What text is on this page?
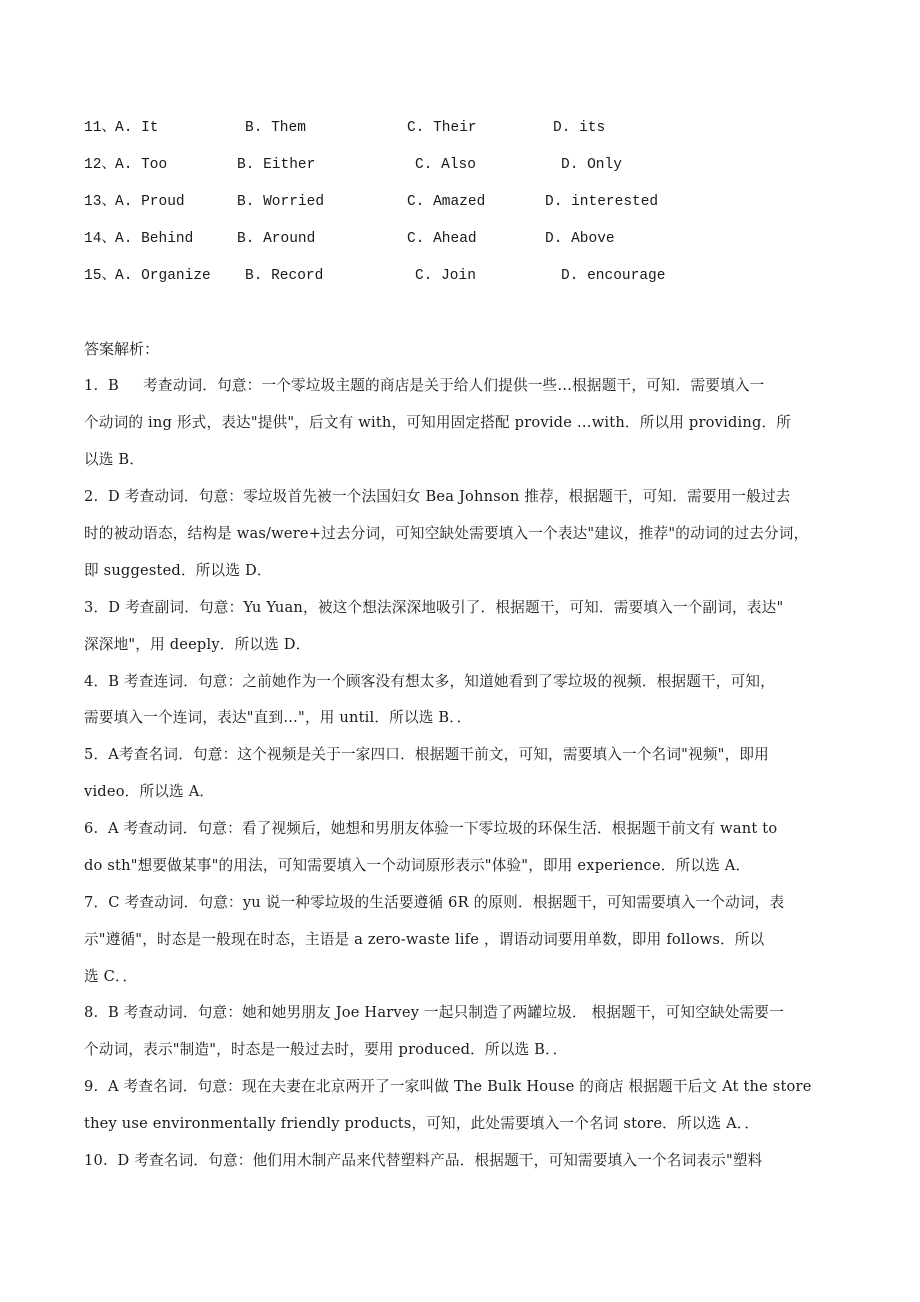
11、 A. It	B. Them	C. Their	D. its
12、 A. Too	B. Either	C. Also	D. Only
13、 A. Proud	B. Worried	C. Amazed	D. interested
14、 A. Behind	B. Around	C. Ahead	D. Above
15、 A. Organize B. Record	C. Join	D. encourage
答案解析：
1.  B     考查动词．句意：一个零垃圾主题的商店是关于给人们提供一些…根据题干，可知．需要填入一
个动词的 ing 形式，表达"提供"，后文有 with，可知用固定搭配 provide …with．所以用 providing．所
以选 B．
2.  D 考查动词．句意：零垃圾首先被一个法国妇女 Bea Johnson 推荐，根据题干，可知．需要用一般过去
时的被动语态，结构是 was/were+过去分词，可知空缺处需要填入一个表达"建议，推荐"的动词的过去分词，
即 suggested．所以选 D．
3．D 考查副词．句意：Yu Yuan，被这个想法深深地吸引了．根据题干，可知．需要填入一个副词，表达"
深深地"，用 deeply．所以选 D．
4．B 考查连词．句意：之前她作为一个顾客没有想太多，知道她看到了零垃圾的视频．根据题干，可知，
需要填入一个连词，表达"直到…"，用 until．所以选 B．．
5．A考查名词．句意：这个视频是关于一家四口．根据题干前文，可知，需要填入一个名词"视频"，即用
video．所以选 A．
6.  A 考查动词．句意：看了视频后，她想和男朋友体验一下零垃圾的环保生活．根据题干前文有 want to
do sth"想要做某事"的用法，可知需要填入一个动词原形表示"体验"，即用 experience．所以选 A．
7．C 考查动词．句意：yu 说一种零垃圾的生活要遵循 6R 的原则．根据题干，可知需要填入一个动词，表
示"遵循"，时态是一般现在时态，主语是 a zero-waste life ，谓语动词要用单数，即用 follows．所以
选 C．．
8.  B 考查动词．句意：她和她男朋友 Joe Harvey 一起只制造了两罐垃圾． 根据题干，可知空缺处需要一
个动词，表示"制造"，时态是一般过去时，要用 produced．所以选 B．．
9.  A 考查名词．句意：现在夫妻在北京两开了一家叫做 The Bulk House 的商店 根据题干后文 At the store
they use environmentally friendly products，可知，此处需要填入一个名词 store．所以选 A．．
10.  D 考查名词．句意：他们用木制产品来代替塑料产品．根据题干，可知需要填入一个名词表示"塑料
